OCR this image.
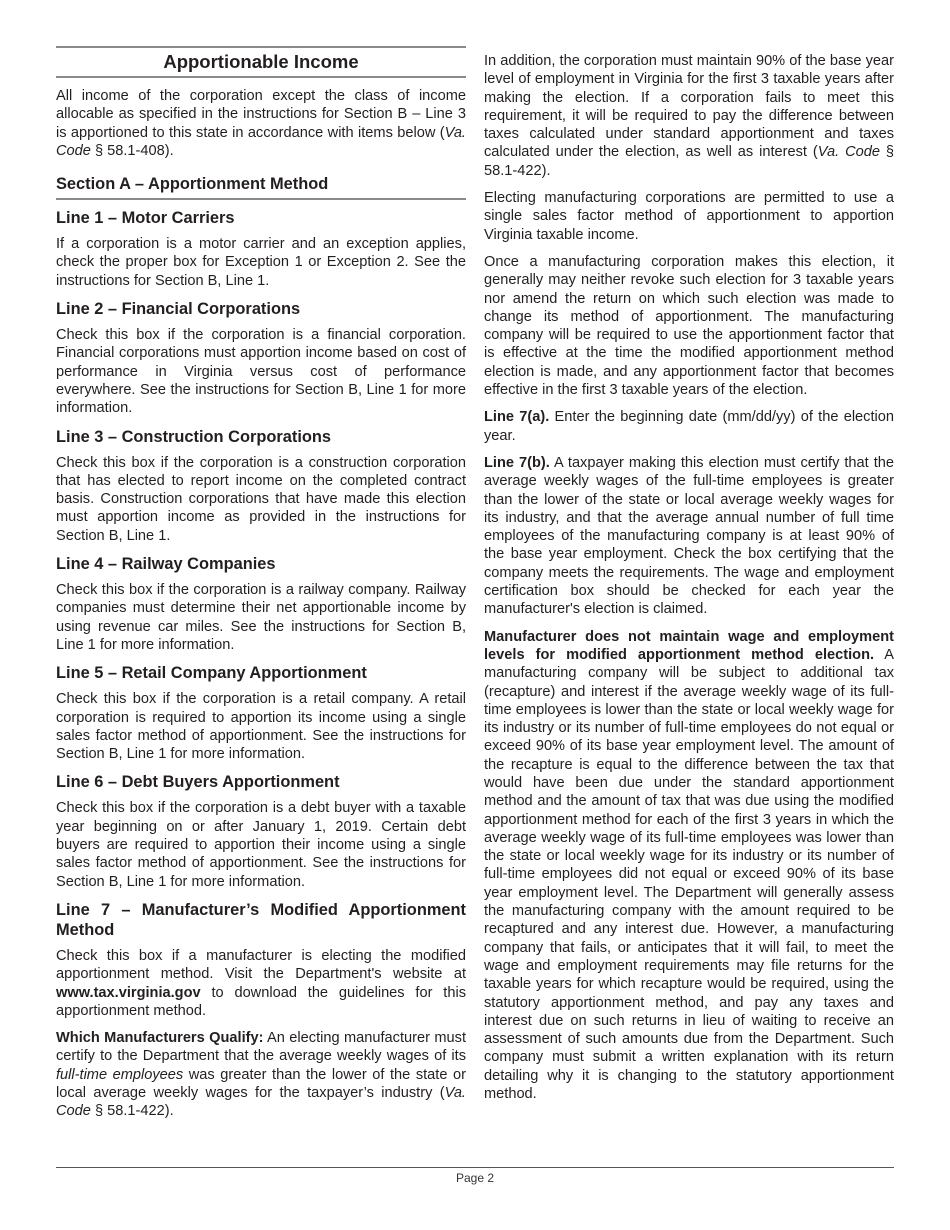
Apportionable Income

All income of the corporation except the class of income allocable as specified in the instructions for Section B – Line 3 is apportioned to this state in accordance with items below (Va. Code § 58.1-408).

Section A – Apportionment Method
Line 1 – Motor Carriers

If a corporation is a motor carrier and an exception applies, check the proper box for Exception 1 or Exception 2. See the instructions for Section B, Line 1.

Line 2 – Financial Corporations

Check this box if the corporation is a financial corporation. Financial corporations must apportion income based on cost of performance in Virginia versus cost of performance everywhere. See the instructions for Section B, Line 1 for more information.

Line 3 – Construction Corporations

Check this box if the corporation is a construction corporation that has elected to report income on the completed contract basis. Construction corporations that have made this election must apportion income as provided in the instructions for Section B, Line 1.

Line 4 – Railway Companies

Check this box if the corporation is a railway company. Railway companies must determine their net apportionable income by using revenue car miles. See the instructions for Section B, Line 1 for more information.

Line 5 – Retail Company Apportionment

Check this box if the corporation is a retail company. A retail corporation is required to apportion its income using a single sales factor method of apportionment. See the instructions for Section B, Line 1 for more information.

Line 6 – Debt Buyers Apportionment

Check this box if the corporation is a debt buyer with a taxable year beginning on or after January 1, 2019. Certain debt buyers are required to apportion their income using a single sales factor method of apportionment. See the instructions for Section B, Line 1 for more information.

Line 7 – Manufacturer’s Modified Apportionment Method

Check this box if a manufacturer is electing the modified apportionment method. Visit the Department's website at www.tax.virginia.gov to download the guidelines for this apportionment method.

Which Manufacturers Qualify: An electing manufacturer must certify to the Department that the average weekly wages of its full-time employees was greater than the lower of the state or local average weekly wages for the taxpayer’s industry (Va. Code § 58.1-422).

In addition, the corporation must maintain 90% of the base year level of employment in Virginia for the first 3 taxable years after making the election. If a corporation fails to meet this requirement, it will be required to pay the difference between taxes calculated under standard apportionment and taxes calculated under the election, as well as interest (Va. Code § 58.1-422).

Electing manufacturing corporations are permitted to use a single sales factor method of apportionment to apportion Virginia taxable income.

Once a manufacturing corporation makes this election, it generally may neither revoke such election for 3 taxable years nor amend the return on which such election was made to change its method of apportionment. The manufacturing company will be required to use the apportionment factor that is effective at the time the modified apportionment method election is made, and any apportionment factor that becomes effective in the first 3 taxable years of the election.

Line 7(a). Enter the beginning date (mm/dd/yy) of the election year.

Line 7(b). A taxpayer making this election must certify that the average weekly wages of the full-time employees is greater than the lower of the state or local average weekly wages for its industry, and that the average annual number of full time employees of the manufacturing company is at least 90% of the base year employment. Check the box certifying that the company meets the requirements. The wage and employment certification box should be checked for each year the manufacturer's election is claimed.

Manufacturer does not maintain wage and employment levels for modified apportionment method election. A manufacturing company will be subject to additional tax (recapture) and interest if the average weekly wage of its full-time employees is lower than the state or local weekly wage for its industry or its number of full-time employees do not equal or exceed 90% of its base year employment level. The amount of the recapture is equal to the difference between the tax that would have been due under the standard apportionment method and the amount of tax that was due using the modified apportionment method for each of the first 3 years in which the average weekly wage of its full-time employees was lower than the state or local weekly wage for its industry or its number of full-time employees did not equal or exceed 90% of its base year employment level. The Department will generally assess the manufacturing company with the amount required to be recaptured and any interest due. However, a manufacturing company that fails, or anticipates that it will fail, to meet the wage and employment requirements may file returns for the taxable years for which recapture would be required, using the statutory apportionment method, and pay any taxes and interest due on such returns in lieu of waiting to receive an assessment of such amounts due from the Department. Such company must submit a written explanation with its return detailing why it is changing to the statutory apportionment method.

Page 2
